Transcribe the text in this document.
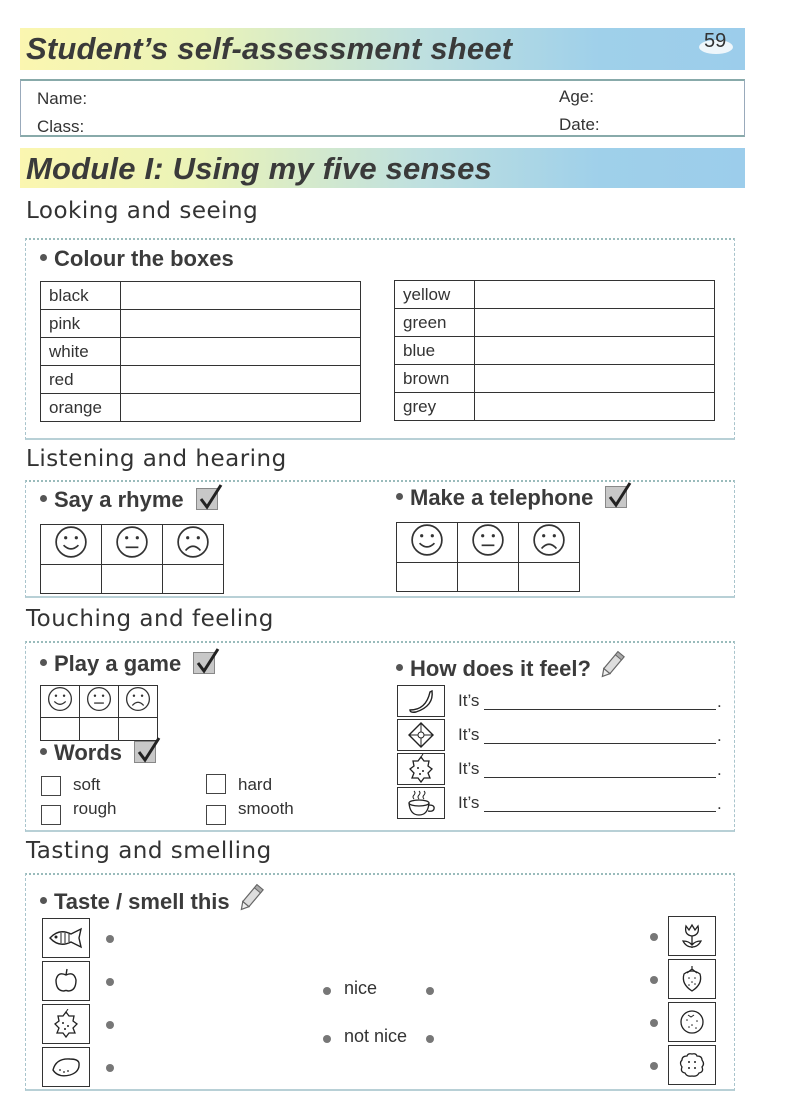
Student’s self-assessment sheet	59
Name:
Class:
Age:
Date:
Module I: Using my five senses
Looking and seeing
Colour the boxes
black	
pink	
white	
red	
orange	
yellow	
green	
blue	
brown	
grey	
Listening and hearing
Say a rhyme

			Make a telephone

Touching and feeling
Play a game

Words
soft	hard
rough	smooth
How does it feel?
It’s	.
It’s	.
It’s	.
It’s	.
Tasting and smelling
Taste / smell this
nice
not nice
